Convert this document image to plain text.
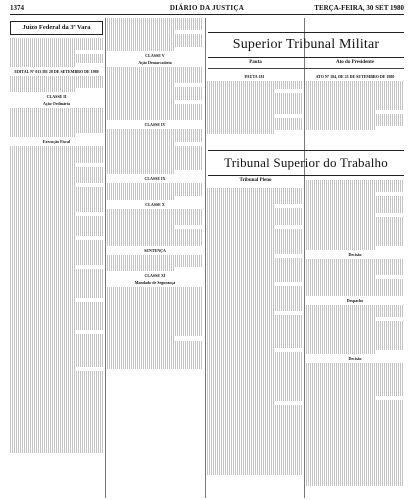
1374	DIÁRIO DA JUSTIÇA	TERÇA-FEIRA, 30 SET 1980
Juízo Federal da 3ª Vara
EDITAL Nº 013 DE 28 DE SETEMBRO DE 1980
CLASSE II
Ação Ordinária
Execução Fiscal
Superior Tribunal Militar
Pauta	Ato do Presidente
CLASSE V
Ação Demarcatória
CLASSE IV
CLASSE IX
CLASSE X
SENTENÇA
CLASSE XI
Mandado de Segurança
PAUTA 181	ATO Nº 184, DE 25 DE SETEMBRO DE 1980
Tribunal Superior do Trabalho
Tribunal Pleno
Decisão
Despacho
Decisão
